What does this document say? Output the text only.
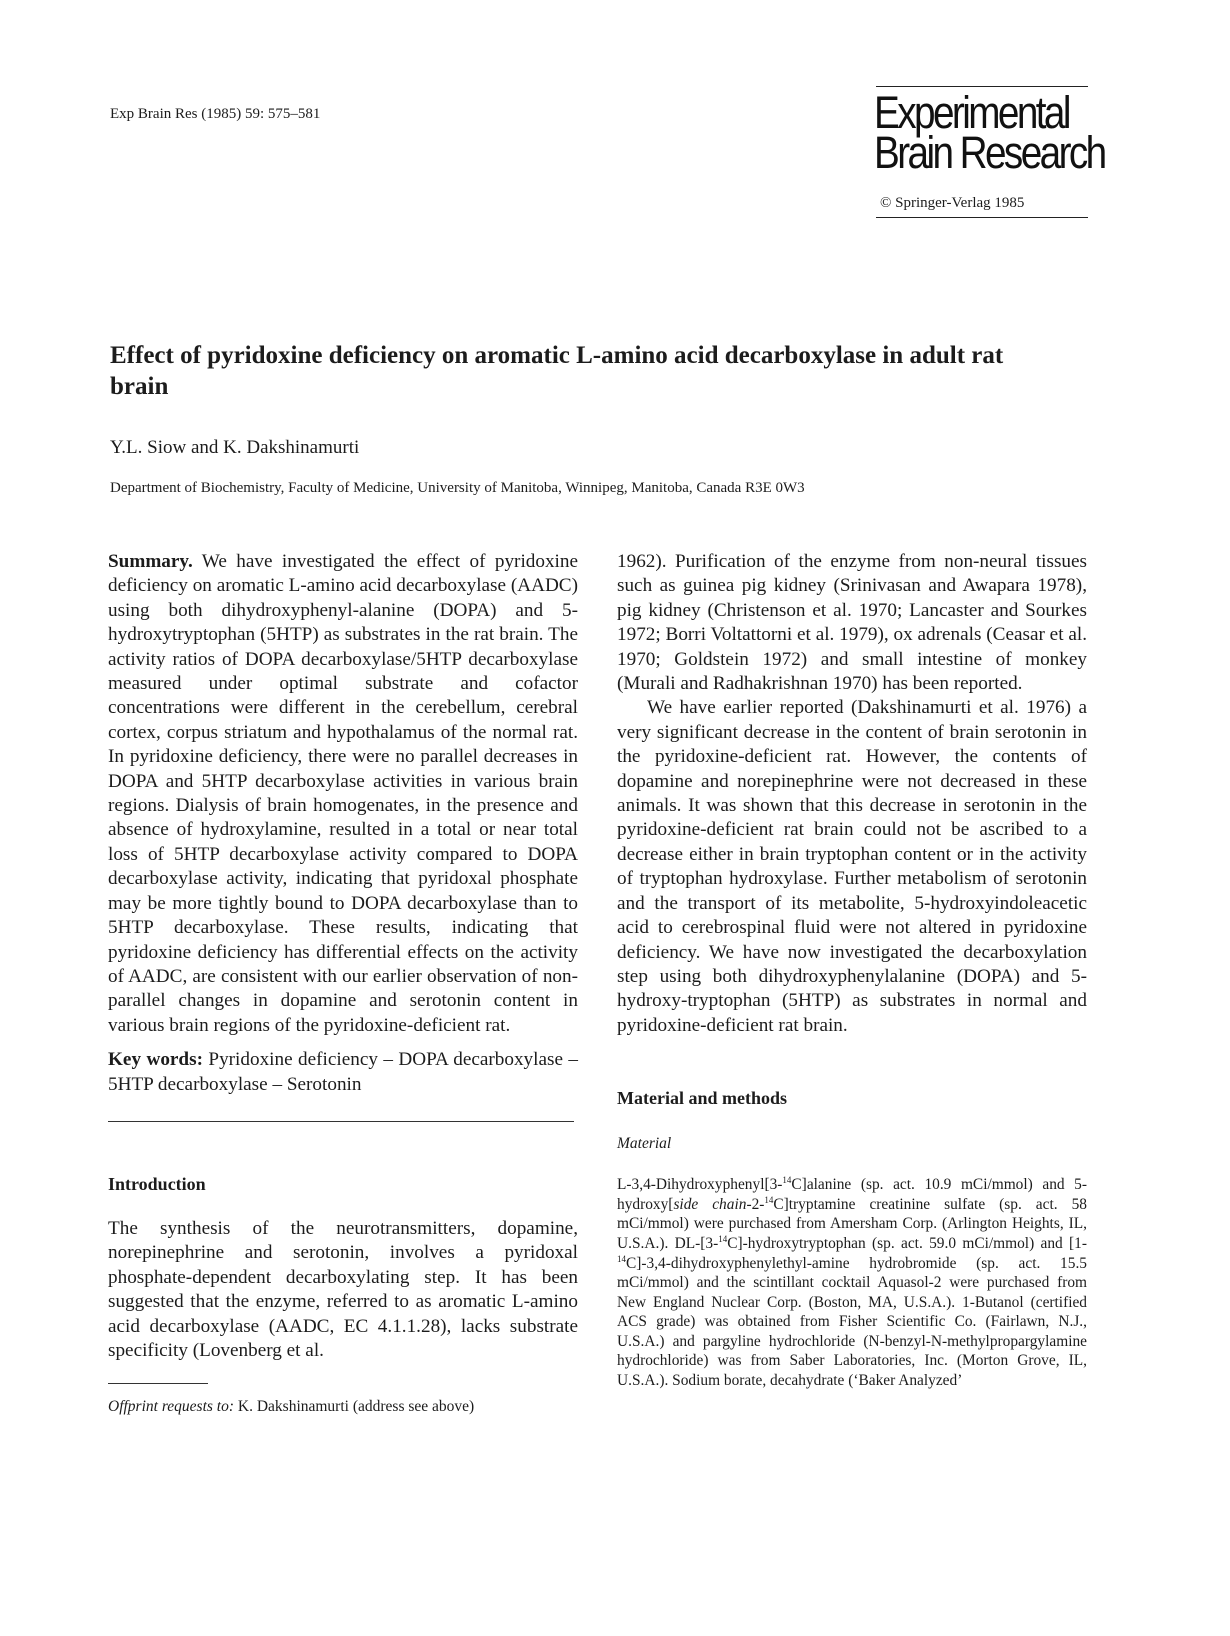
Exp Brain Res (1985) 59: 575–581	Experimental
Brain Research
© Springer-Verlag 1985
Effect of pyridoxine deficiency on aromatic L-amino acid decarboxylase in adult rat brain
Y.L. Siow and K. Dakshinamurti
Department of Biochemistry, Faculty of Medicine, University of Manitoba, Winnipeg, Manitoba, Canada R3E 0W3

Summary. We have investigated the effect of pyridoxine deficiency on aromatic L-amino acid decarboxylase (AADC) using both dihydroxyphenyl-alanine (DOPA) and 5-hydroxytryptophan (5HTP) as substrates in the rat brain. The activity ratios of DOPA decarboxylase/5HTP decarboxylase measured under optimal substrate and cofactor concentrations were different in the cerebellum, cerebral cortex, corpus striatum and hypothalamus of the normal rat. In pyridoxine deficiency, there were no parallel decreases in DOPA and 5HTP decarboxylase activities in various brain regions. Dialysis of brain homogenates, in the presence and absence of hydroxylamine, resulted in a total or near total loss of 5HTP decarboxylase activity compared to DOPA decarboxylase activity, indicating that pyridoxal phosphate may be more tightly bound to DOPA decarboxylase than to 5HTP decarboxylase. These results, indicating that pyridoxine deficiency has differential effects on the activity of AADC, are consistent with our earlier observation of non-parallel changes in dopamine and serotonin content in various brain regions of the pyridoxine-deficient rat.

Key words: Pyridoxine deficiency – DOPA decarboxylase – 5HTP decarboxylase – Serotonin

Introduction

The synthesis of the neurotransmitters, dopamine, norepinephrine and serotonin, involves a pyridoxal phosphate-dependent decarboxylating step. It has been suggested that the enzyme, referred to as aromatic L-amino acid decarboxylase (AADC, EC 4.1.1.28), lacks substrate specificity (Lovenberg et al.

Offprint requests to: K. Dakshinamurti (address see above)

1962). Purification of the enzyme from non-neural tissues such as guinea pig kidney (Srinivasan and Awapara 1978), pig kidney (Christenson et al. 1970; Lancaster and Sourkes 1972; Borri Voltattorni et al. 1979), ox adrenals (Ceasar et al. 1970; Goldstein 1972) and small intestine of monkey (Murali and Radhakrishnan 1970) has been reported.

We have earlier reported (Dakshinamurti et al. 1976) a very significant decrease in the content of brain serotonin in the pyridoxine-deficient rat. However, the contents of dopamine and norepinephrine were not decreased in these animals. It was shown that this decrease in serotonin in the pyridoxine-deficient rat brain could not be ascribed to a decrease either in brain tryptophan content or in the activity of tryptophan hydroxylase. Further metabolism of serotonin and the transport of its metabolite, 5-hydroxyindoleacetic acid to cerebrospinal fluid were not altered in pyridoxine deficiency. We have now investigated the decarboxylation step using both dihydroxyphenylalanine (DOPA) and 5-hydroxy-tryptophan (5HTP) as substrates in normal and pyridoxine-deficient rat brain.

Material and methods
Material

L-3,4-Dihydroxyphenyl[3-$^{14}$C]alanine (sp. act. 10.9 mCi/mmol) and 5-hydroxy[side chain-2-$^{14}$C]tryptamine creatinine sulfate (sp. act. 58 mCi/mmol) were purchased from Amersham Corp. (Arlington Heights, IL, U.S.A.). DL-[3-$^{14}$C]-hydroxytryptophan (sp. act. 59.0 mCi/mmol) and [1-$^{14}$C]-3,4-dihydroxyphenylethyl-amine hydrobromide (sp. act. 15.5 mCi/mmol) and the scintillant cocktail Aquasol-2 were purchased from New England Nuclear Corp. (Boston, MA, U.S.A.). 1-Butanol (certified ACS grade) was obtained from Fisher Scientific Co. (Fairlawn, N.J., U.S.A.) and pargyline hydrochloride (N-benzyl-N-methylpropargylamine hydrochloride) was from Saber Laboratories, Inc. (Morton Grove, IL, U.S.A.). Sodium borate, decahydrate (‘Baker Analyzed’
